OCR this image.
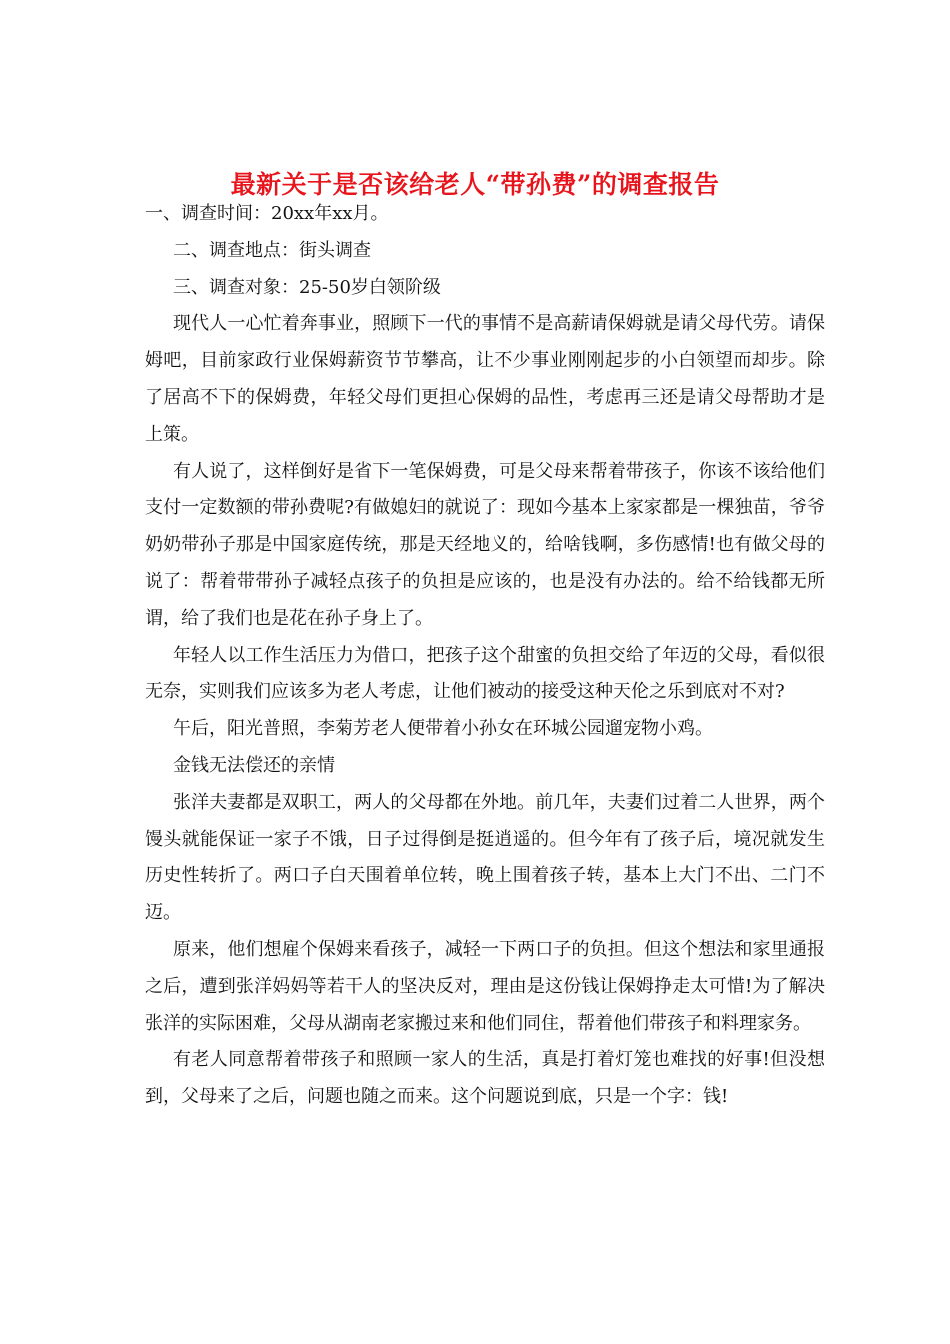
最新关于是否该给老人“带孙费”的调查报告

一、调查时间：20xx年xx月。

二、调查地点：街头调查

三、调查对象：25-50岁白领阶级

现代人一心忙着奔事业，照顾下一代的事情不是高薪请保姆就是请父母代劳。请保姆吧，目前家政行业保姆薪资节节攀高，让不少事业刚刚起步的小白领望而却步。除了居高不下的保姆费，年轻父母们更担心保姆的品性，考虑再三还是请父母帮助才是上策。

有人说了，这样倒好是省下一笔保姆费，可是父母来帮着带孩子，你该不该给他们支付一定数额的带孙费呢?有做媳妇的就说了：现如今基本上家家都是一棵独苗，爷爷奶奶带孙子那是中国家庭传统，那是天经地义的，给啥钱啊，多伤感情!也有做父母的说了：帮着带带孙子减轻点孩子的负担是应该的，也是没有办法的。给不给钱都无所谓，给了我们也是花在孙子身上了。

年轻人以工作生活压力为借口，把孩子这个甜蜜的负担交给了年迈的父母，看似很无奈，实则我们应该多为老人考虑，让他们被动的接受这种天伦之乐到底对不对?

午后，阳光普照，李菊芳老人便带着小孙女在环城公园遛宠物小鸡。

金钱无法偿还的亲情

张洋夫妻都是双职工，两人的父母都在外地。前几年，夫妻们过着二人世界，两个馒头就能保证一家子不饿，日子过得倒是挺逍遥的。但今年有了孩子后，境况就发生历史性转折了。两口子白天围着单位转，晚上围着孩子转，基本上大门不出、二门不迈。

原来，他们想雇个保姆来看孩子，减轻一下两口子的负担。但这个想法和家里通报之后，遭到张洋妈妈等若干人的坚决反对，理由是这份钱让保姆挣走太可惜!为了解决张洋的实际困难，父母从湖南老家搬过来和他们同住，帮着他们带孩子和料理家务。

有老人同意帮着带孩子和照顾一家人的生活，真是打着灯笼也难找的好事!但没想到，父母来了之后，问题也随之而来。这个问题说到底，只是一个字：钱!
